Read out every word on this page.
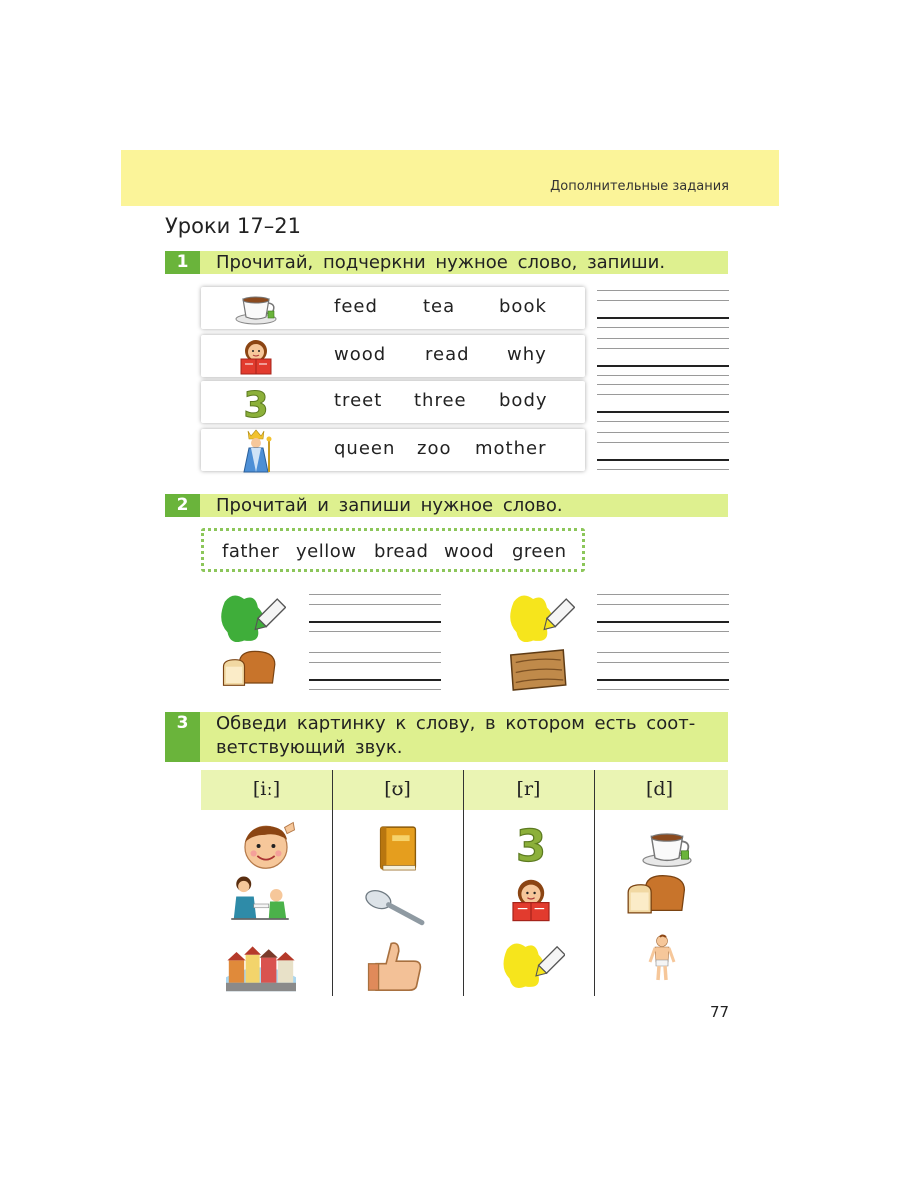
Дополнительные задания
Уроки 17–21
1	Прочитай, подчеркни нужное слово, запиши.
feed	tea book
wood read why
treet three body
queen zoo mother
2	Прочитай и запиши нужное слово.
father yellow bread wood green
3	Обведи картинку к слову, в котором есть соот-
ветствующий звук.
[iː]	[ʊ]	[r]	[d]
77
